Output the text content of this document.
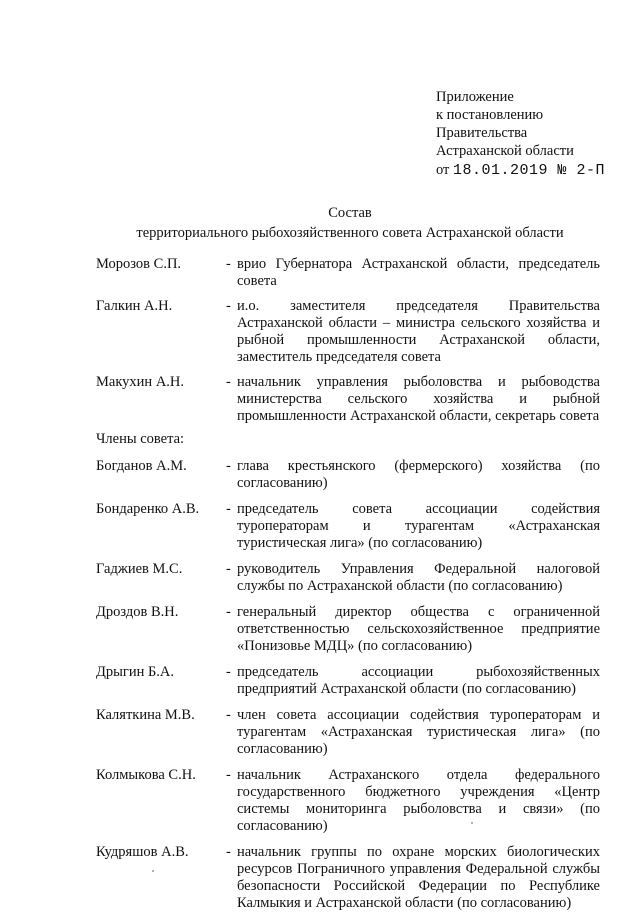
Приложение
к постановлению
Правительства
Астраханской области
от 18.01.2019 № 2-П
Состав
территориального рыбохозяйственного совета Астраханской области
Морозов С.П.	- врио Губернатора Астраханской области, председатель совета
Галкин А.Н.	- и.о. заместителя председателя Правительства Астраханской области – министра сельского хозяйства и рыбной промышленности Астраханской области, заместитель председателя совета
Макухин А.Н.	- начальник управления рыболовства и рыбоводства министерства сельского хозяйства и рыбной промышленности Астраханской области, секретарь совета
Члены совета:
Богданов А.М.	- глава крестьянского (фермерского) хозяйства (по согласованию)
Бондаренко А.В.	- председатель совета ассоциации содействия туроператорам и турагентам «Астраханская туристическая лига» (по согласованию)
Гаджиев М.С.	- руководитель Управления Федеральной налоговой службы по Астраханской области (по согласованию)
Дроздов В.Н.	- генеральный директор общества с ограниченной ответственностью сельскохозяйственное предприятие «Понизовье МДЦ» (по согласованию)
Дрыгин Б.А.	- председатель ассоциации рыбохозяйственных предприятий Астраханской области (по согласованию)
Каляткина М.В.	- член совета ассоциации содействия туроператорам и турагентам «Астраханская туристическая лига» (по согласованию)
Колмыкова С.Н.	- начальник Астраханского отдела федерального государственного бюджетного учреждения «Центр системы мониторинга рыболовства и связи» (по согласованию)
Кудряшов А.В.	- начальник группы по охране морских биологических ресурсов Пограничного управления Федеральной службы безопасности Российской Федерации по Республике Калмыкия и Астраханской области (по согласованию)
